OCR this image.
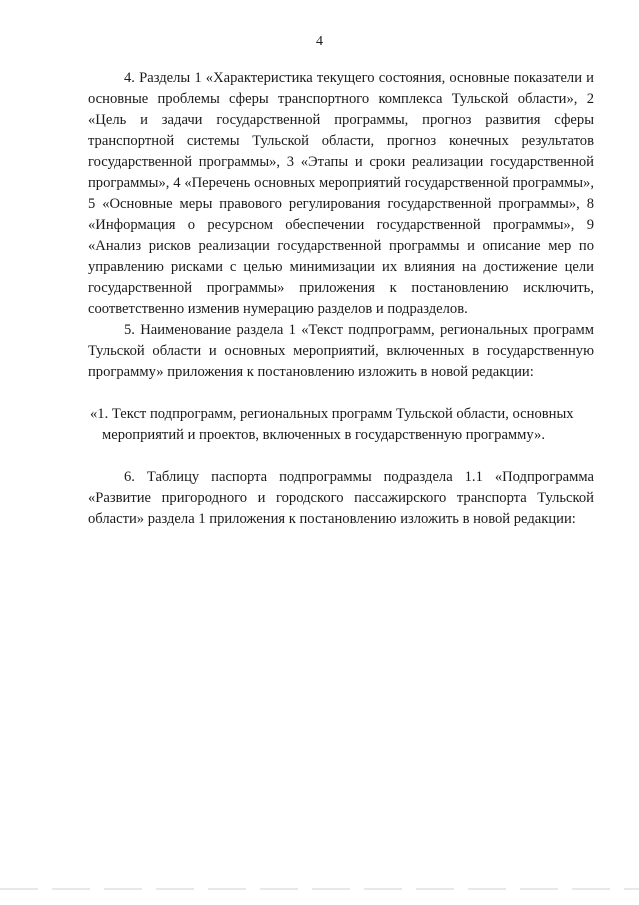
4

4. Разделы 1 «Характеристика текущего состояния, основные показатели и основные проблемы сферы транспортного комплекса Тульской области», 2 «Цель и задачи государственной программы, прогноз развития сферы транспортной системы Тульской области, прогноз конечных результатов государственной программы», 3 «Этапы и сроки реализации государственной программы», 4 «Перечень основных мероприятий государственной программы», 5 «Основные меры правового регулирования государственной программы», 8 «Информация о ресурсном обеспечении государственной программы», 9 «Анализ рисков реализации государственной программы и описание мер по управлению рисками с целью минимизации их влияния на достижение цели государственной программы» приложения к постановлению исключить, соответственно изменив нумерацию разделов и подразделов.

5. Наименование раздела 1 «Текст подпрограмм, региональных программ Тульской области и основных мероприятий, включенных в государственную программу» приложения к постановлению изложить в новой редакции:

«1. Текст подпрограмм, региональных программ Тульской области, основных
мероприятий и проектов, включенных в государственную программу».

6. Таблицу паспорта подпрограммы подраздела 1.1 «Подпрограмма «Развитие пригородного и городского пассажирского транспорта Тульской области» раздела 1 приложения к постановлению изложить в новой редакции:
